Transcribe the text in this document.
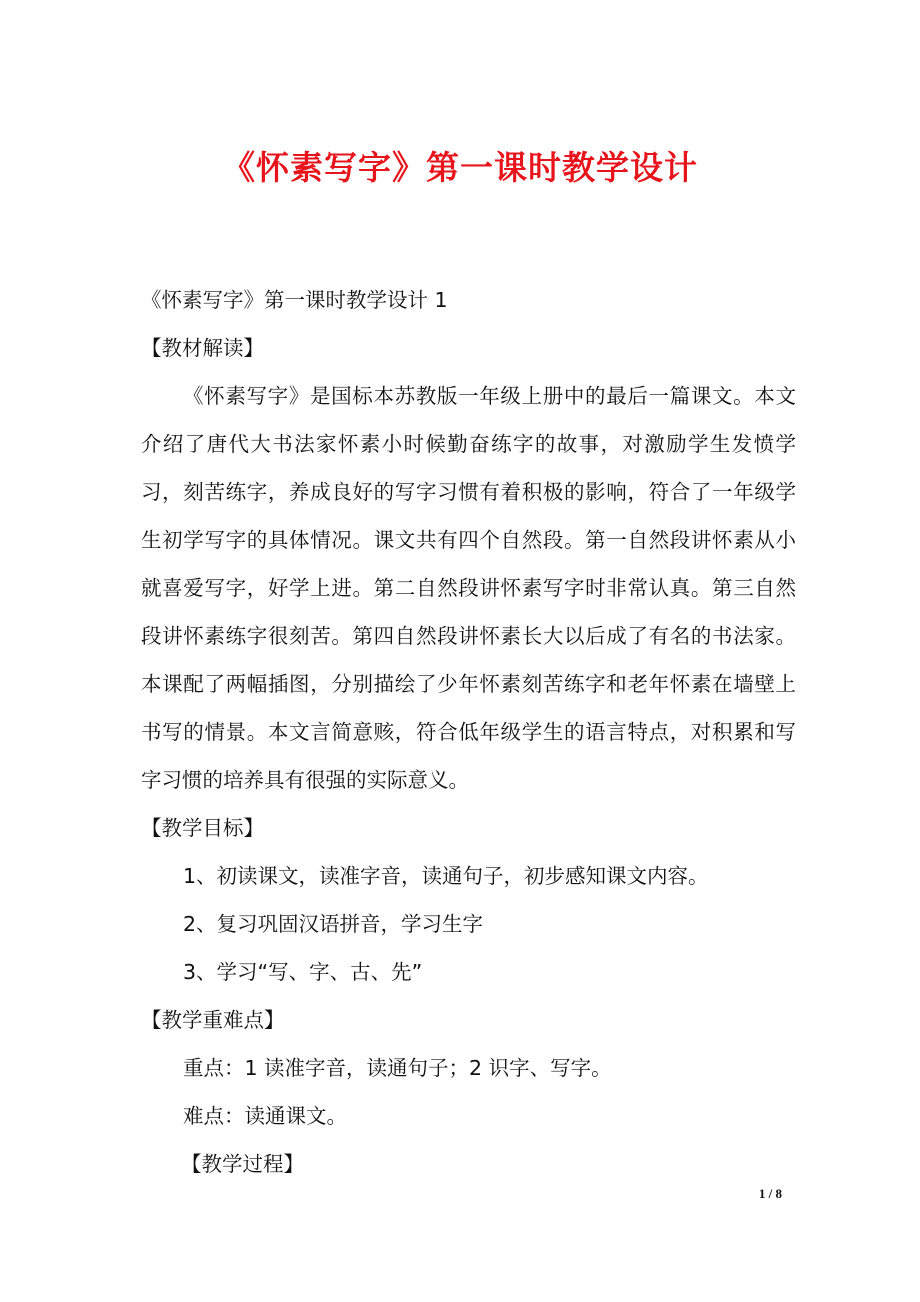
《怀素写字》第一课时教学设计

《怀素写字》第一课时教学设计 1

【教材解读】

《怀素写字》是国标本苏教版一年级上册中的最后一篇课文。本文介绍了唐代大书法家怀素小时候勤奋练字的故事，对激励学生发愤学习，刻苦练字，养成良好的写字习惯有着积极的影响，符合了一年级学生初学写字的具体情况。课文共有四个自然段。第一自然段讲怀素从小就喜爱写字，好学上进。第二自然段讲怀素写字时非常认真。第三自然段讲怀素练字很刻苦。第四自然段讲怀素长大以后成了有名的书法家。本课配了两幅插图，分别描绘了少年怀素刻苦练字和老年怀素在墙壁上书写的情景。本文言简意赅，符合低年级学生的语言特点，对积累和写字习惯的培养具有很强的实际意义。

【教学目标】

1、初读课文，读准字音，读通句子，初步感知课文内容。

2、复习巩固汉语拼音，学习生字

3、学习“写、字、古、先”

【教学重难点】

重点：1 读准字音，读通句子；2 识字、写字。

难点：读通课文。

【教学过程】

1 / 8
